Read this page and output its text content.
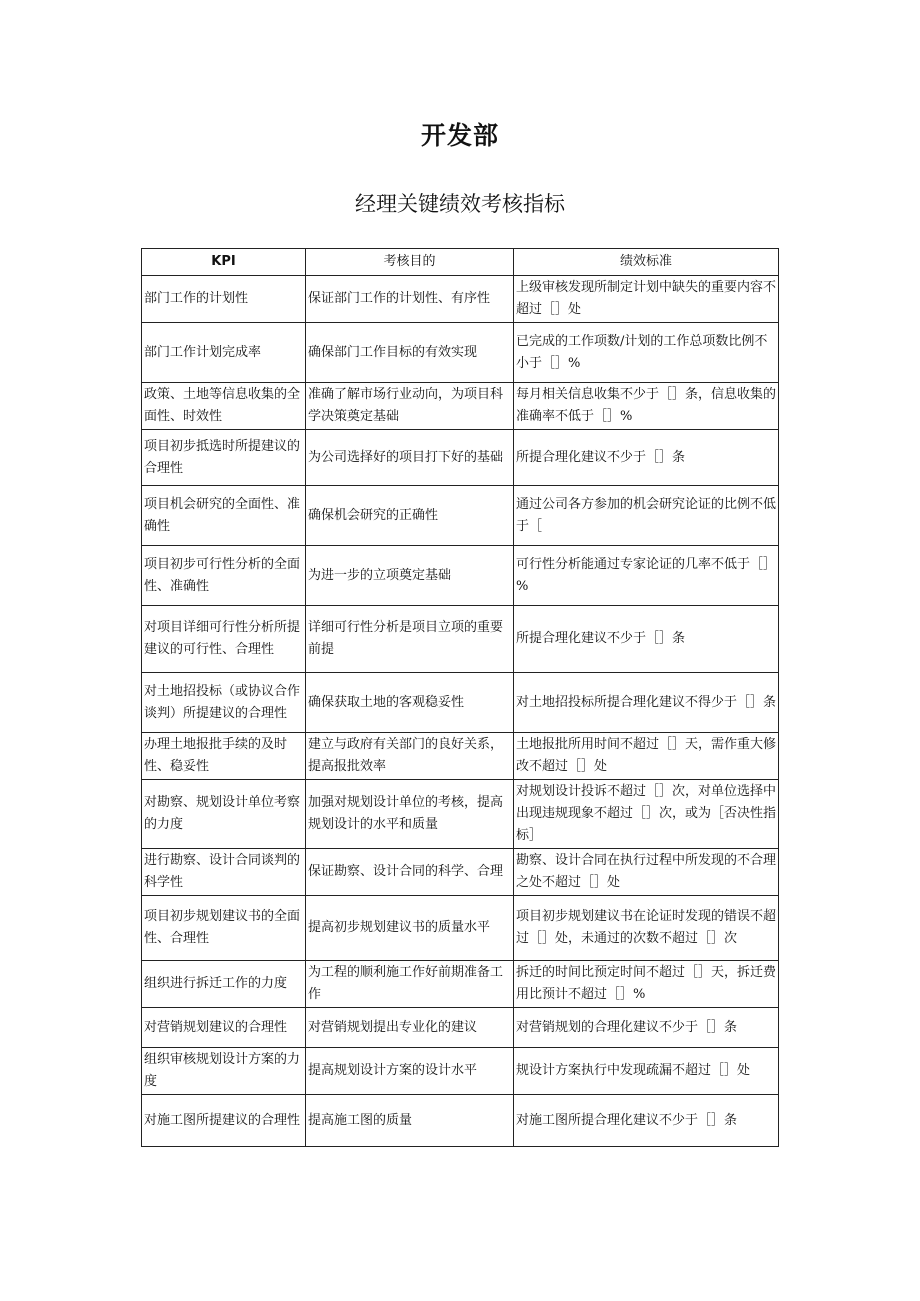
开发部
经理关键绩效考核指标
KPI	考核目的	绩效标准
部门工作的计划性	保证部门工作的计划性、有序性	上级审核发现所制定计划中缺失的重要内容不超过［］处
部门工作计划完成率	确保部门工作目标的有效实现	已完成的工作项数/计划的工作总项数比例不小于［］%
政策、土地等信息收集的全面性、时效性	准确了解市场行业动向，为项目科学决策奠定基础	每月相关信息收集不少于［］条，信息收集的准确率不低于［］%
项目初步抵选时所提建议的合理性	为公司选择好的项目打下好的基础	所提合理化建议不少于［］条
项目机会研究的全面性、准确性	确保机会研究的正确性	通过公司各方参加的机会研究论证的比例不低于［
项目初步可行性分析的全面性、准确性	为进一步的立项奠定基础	可行性分析能通过专家论证的几率不低于［］%
对项目详细可行性分析所提建议的可行性、合理性	详细可行性分析是项目立项的重要前提	所提合理化建议不少于［］条
对土地招投标（或协议合作谈判）所提建议的合理性	确保获取土地的客观稳妥性	对土地招投标所提合理化建议不得少于［］条
办理土地报批手续的及时性、稳妥性	建立与政府有关部门的良好关系，提高报批效率	土地报批所用时间不超过［］天，需作重大修改不超过［］处
对勘察、规划设计单位考察的力度	加强对规划设计单位的考核，提高规划设计的水平和质量	对规划设计投诉不超过［］次，对单位选择中出现违规现象不超过［］次，或为［否决性指标］
进行勘察、设计合同谈判的科学性	保证勘察、设计合同的科学、合理	勘察、设计合同在执行过程中所发现的不合理之处不超过［］处
项目初步规划建议书的全面性、合理性	提高初步规划建议书的质量水平	项目初步规划建议书在论证时发现的错误不超过［］处，未通过的次数不超过［］次
组织进行拆迁工作的力度	为工程的顺利施工作好前期准备工作	拆迁的时间比预定时间不超过［］天，拆迁费用比预计不超过［］%
对营销规划建议的合理性	对营销规划提出专业化的建议	对营销规划的合理化建议不少于［］条
组织审核规划设计方案的力度	提高规划设计方案的设计水平	规设计方案执行中发现疏漏不超过［］处
对施工图所提建议的合理性	提高施工图的质量	对施工图所提合理化建议不少于［］条
